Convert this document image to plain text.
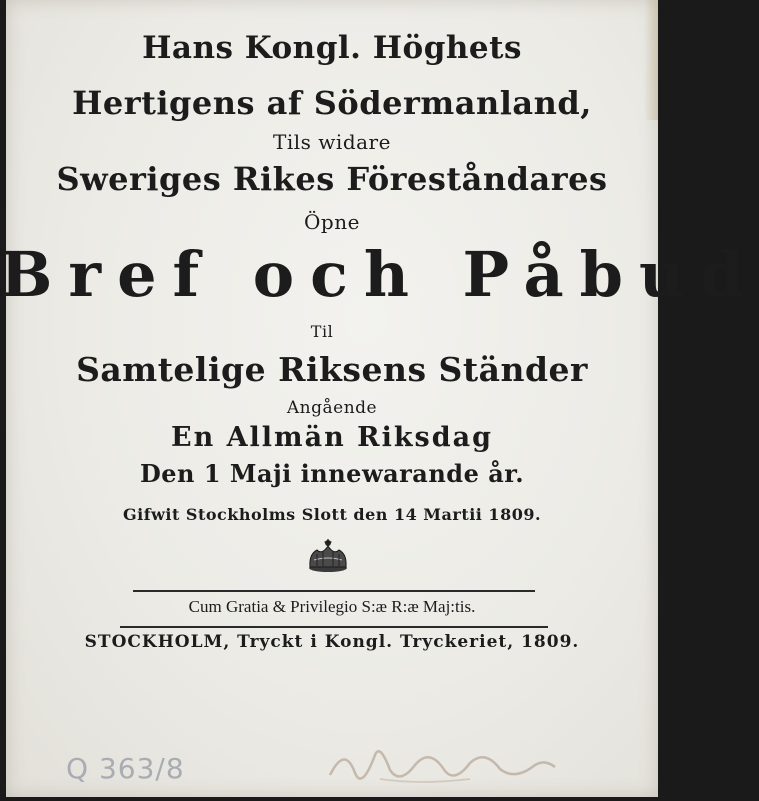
Hans Kongl. Höghets
Hertigens af Södermanland,
Tils widare
Sweriges Rikes Föreståndares
Öpne
Bref och Påbud
Til
Samtelige Riksens Ständer
Angående
En Allmän Riksdag
Den 1 Maji innewarande år.
Gifwit Stockholms Slott den 14 Martii 1809.
Cum Gratia & Privilegio S:æ R:æ Maj:tis.
STOCKHOLM, Tryckt i Kongl. Tryckeriet, 1809.
Q 363/8
